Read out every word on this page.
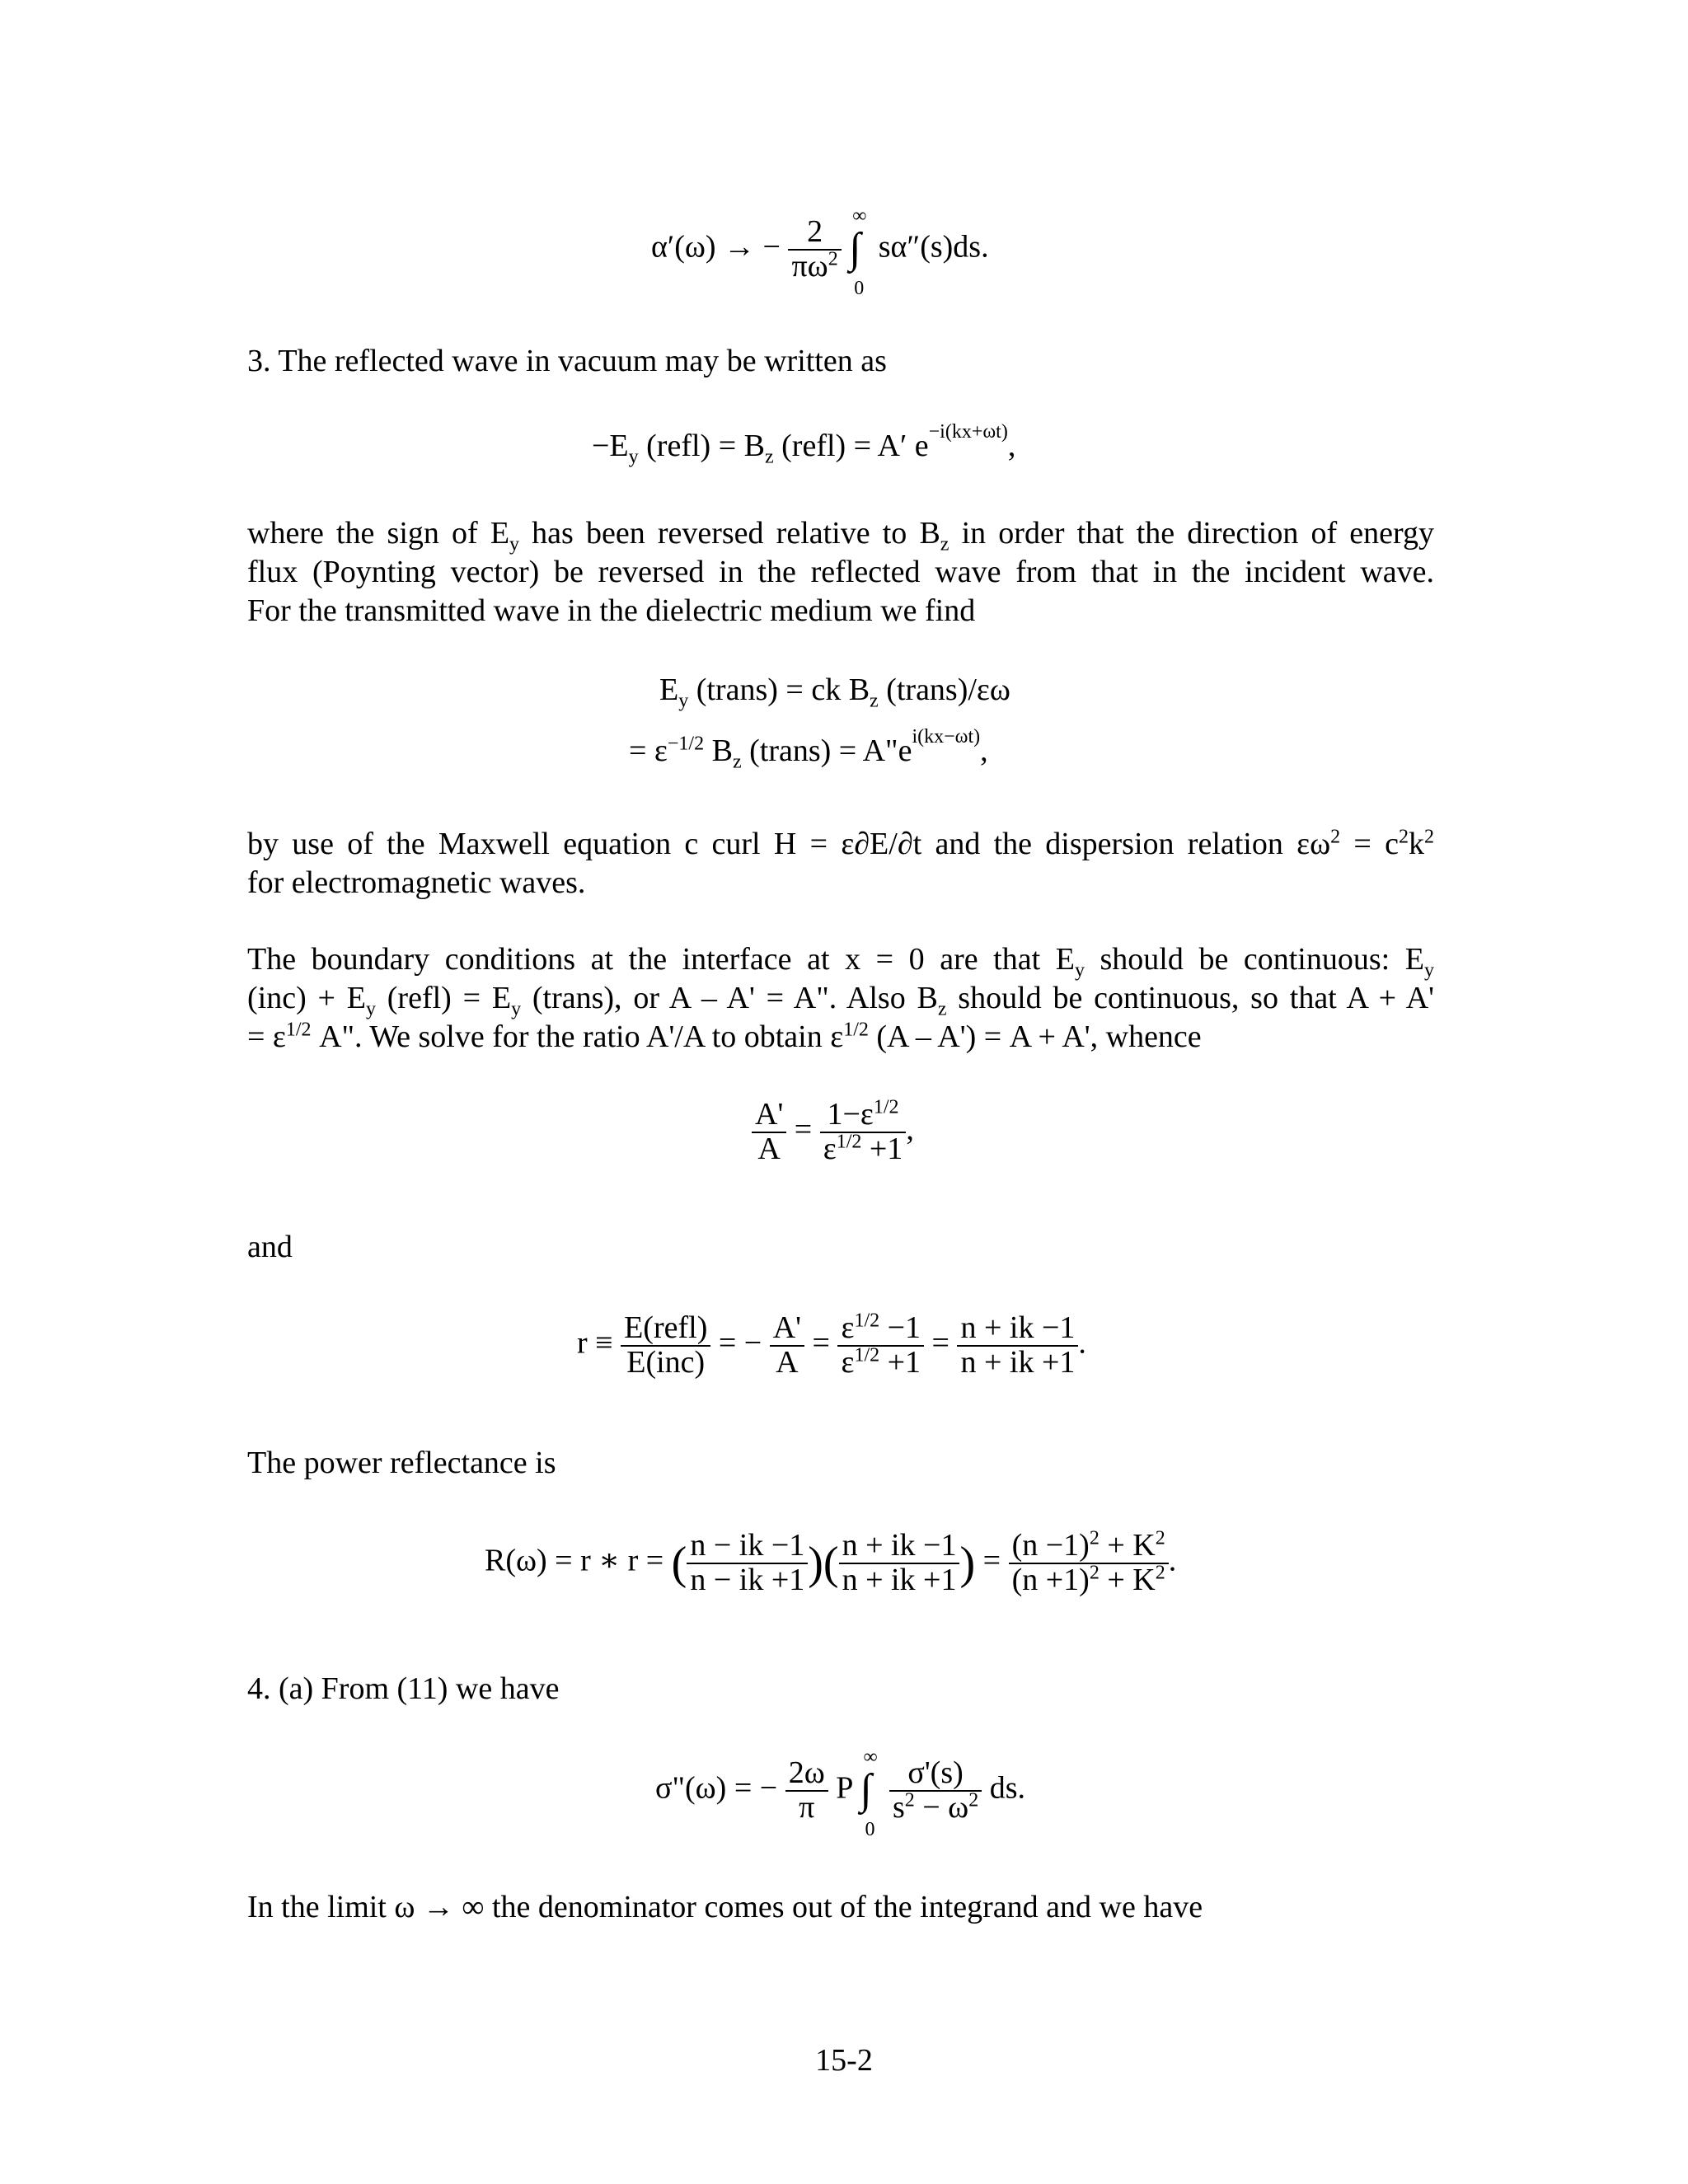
α′(ω) → − $\frac{2}{\pi\omega^2}$

∞
∫
0
sα″(s)ds.
3. The reflected wave in vacuum may be written as
$-E_y$ (refl) = $B_z$ (refl) = A′ $e^{-i(kx+\omega t)}$,
where the sign of $E_y$ has been reversed relative to $B_z$ in order that the direction of energy
flux (Poynting vector) be reversed in the reflected wave from that in the incident wave.
For the transmitted wave in the dielectric medium we find
$E_y$ (trans) = ck $B_z$ (trans)/εω
= $\varepsilon^{-1/2}$ $B_z$ (trans) = $A"e^{i(kx-\omega t)}$,
by use of the Maxwell equation c curl H = ε∂E/∂t and the dispersion relation $\varepsilon\omega^2 = c^2k^2$
for electromagnetic waves.
The boundary conditions at the interface at x = 0 are that $E_y$ should be continuous: $E_y$
$(inc) + E_y$ (refl) = $E_y$ (trans), or A – A' = A". Also $B_z$ should be continuous, so that A + A'
= $\varepsilon^{1/2}$ A". We solve for the ratio A'/A to obtain $\varepsilon^{1/2}$ (A – A') = A + A', whence
$\frac{A'}{A} = \frac{1-\varepsilon^{1/2}}{\varepsilon^{1/2} +1}$ ,
and
$r \equiv \frac{\text{E(refl)}}{\text{E(inc)}}$ = − $\frac{A'}{A} = \frac{\varepsilon^{1/2} -1}{\varepsilon^{1/2} +1} = \frac{n + ik -1}{n + ik +1}$ .
The power reflectance is
R(ω) = r ∗ r = ( $\frac{n - ik -1}{n - ik +1}$ )( $\frac{n + ik -1}{n + ik +1}$ ) = $\frac{(n -1)^2 + K^2}{(n +1)^2 + K^2}$ .
4. (a) From (11) we have
σ"(ω) = − $\frac{2\omega}{\pi}$ P
∞
∫
0

$\frac{\sigma'(s)}{s^2 - \omega^2}$ ds.
In the limit ω → ∞ the denominator comes out of the integrand and we have
15-2
